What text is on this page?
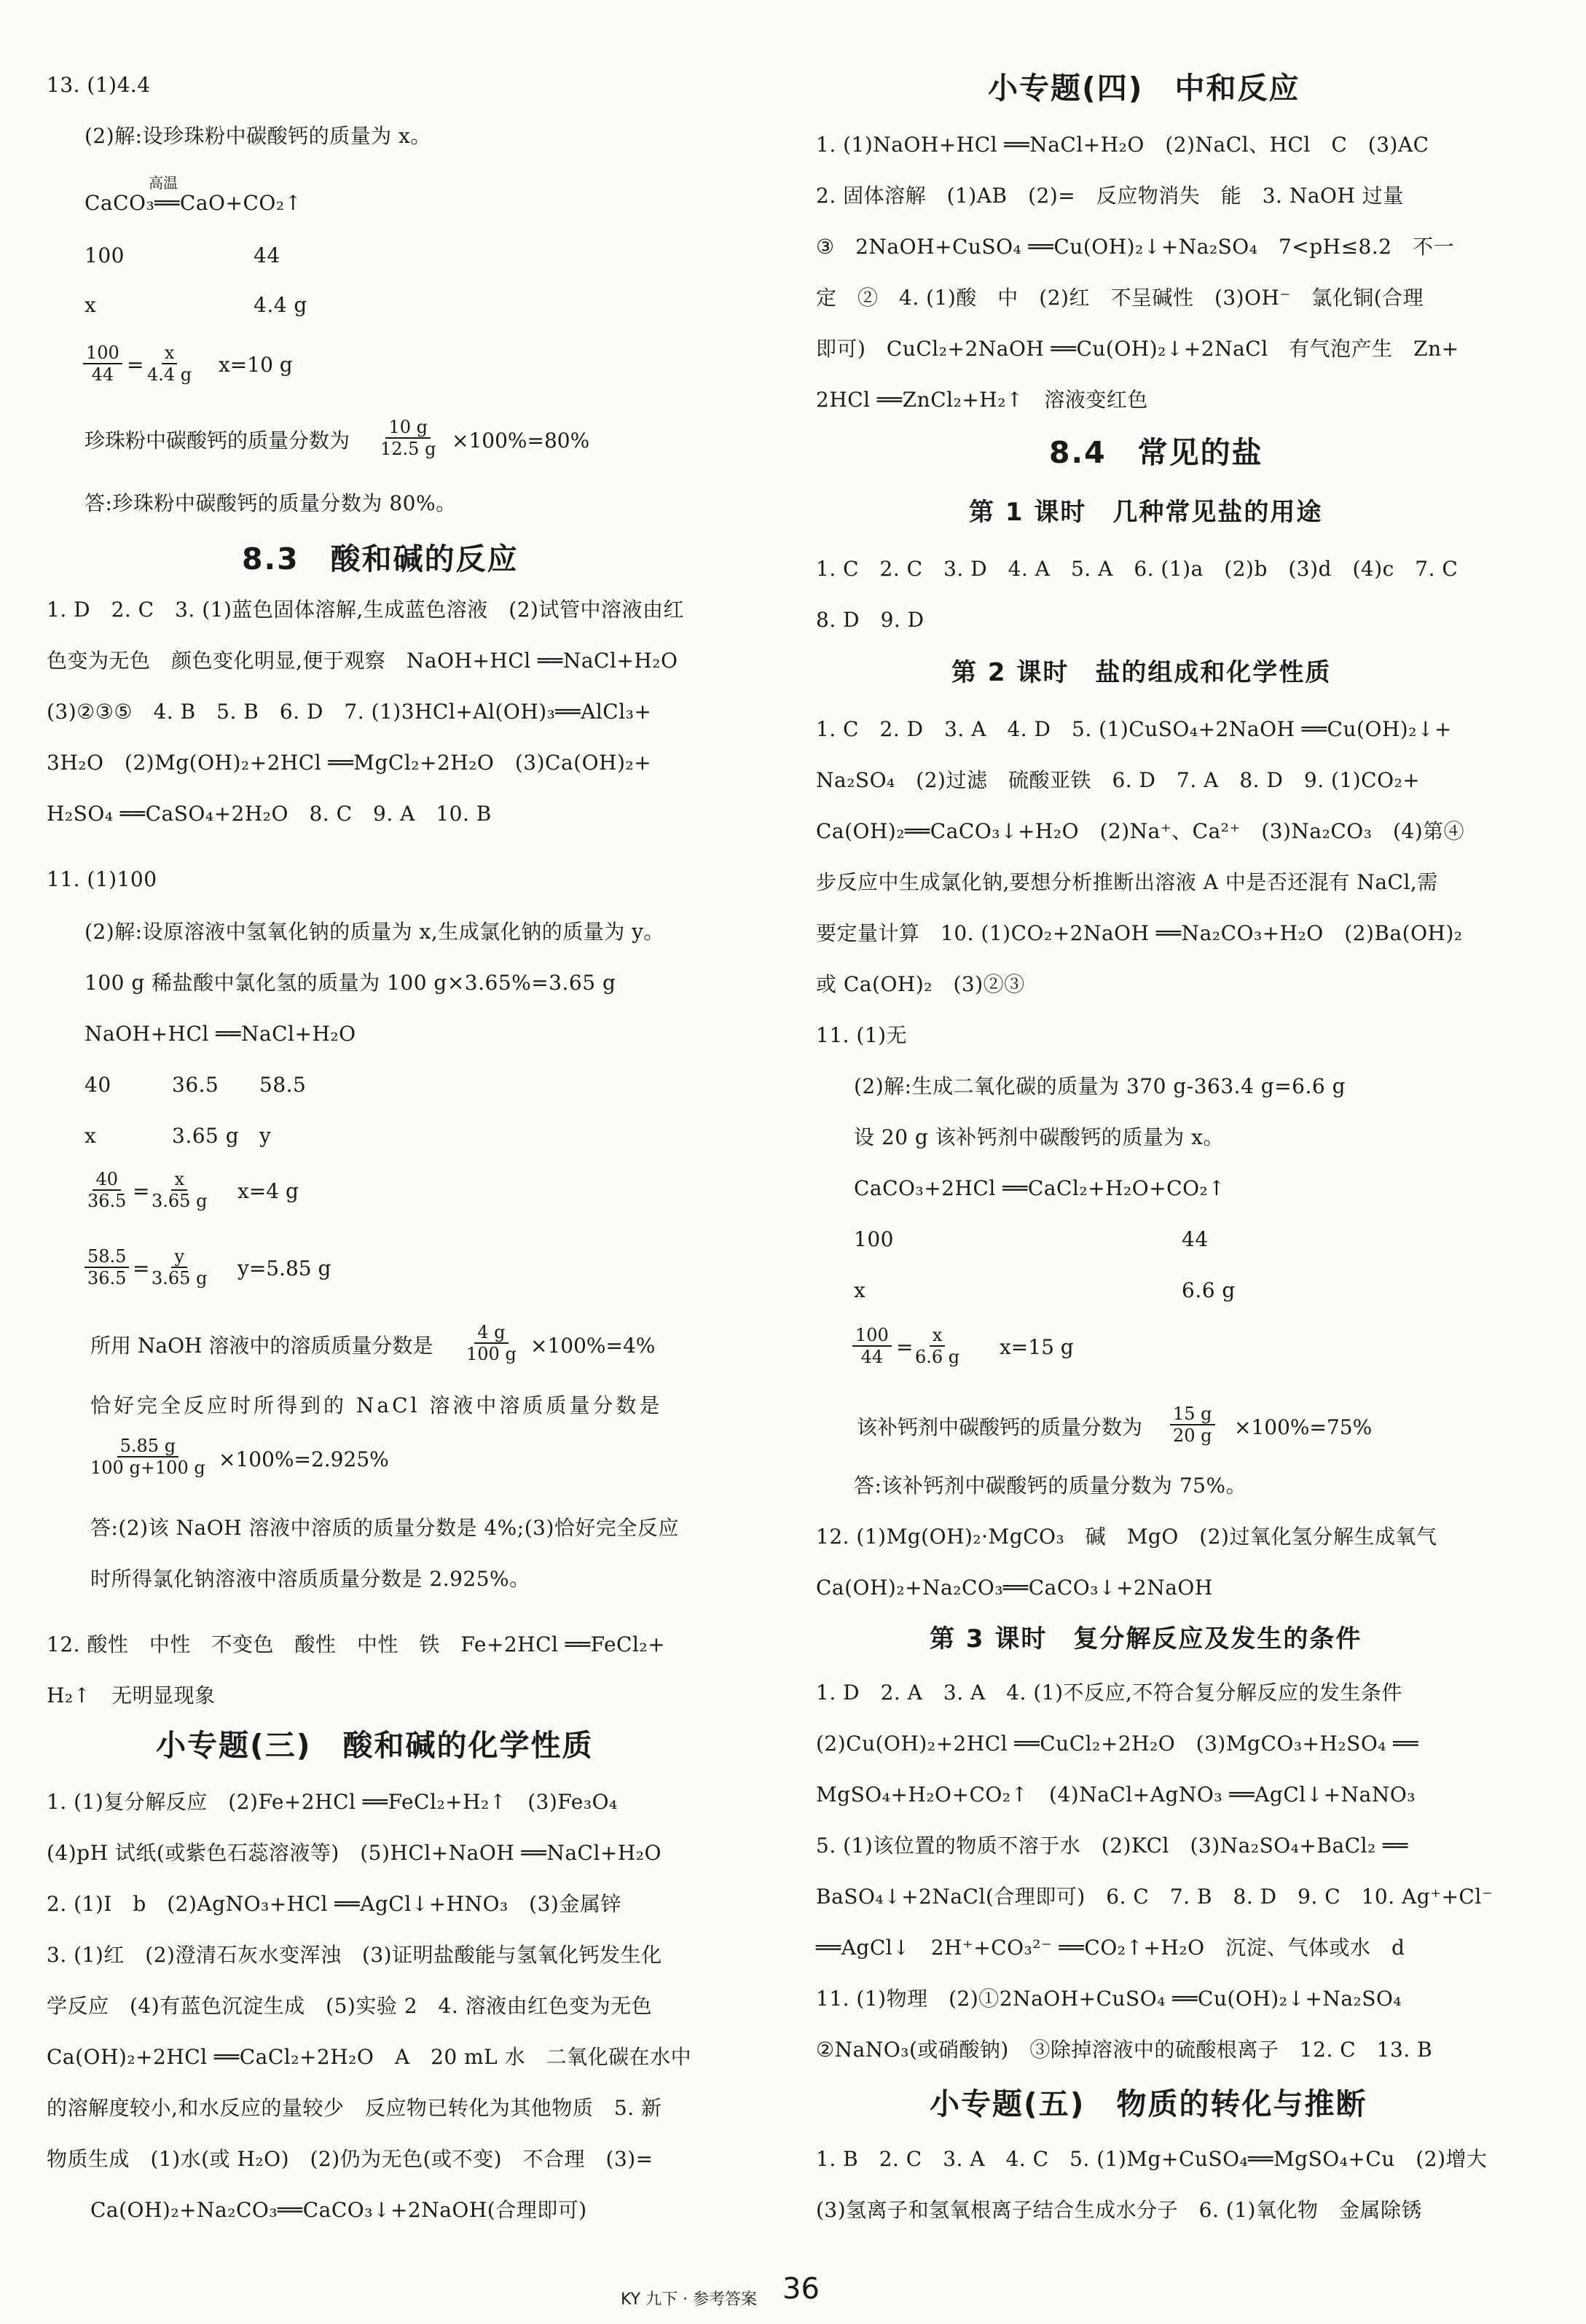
13. (1)4.4
(2)解:设珍珠粉中碳酸钙的质量为 x。
高温
CaCO₃══CaO+CO₂↑
100	44
x	4.4 g
$\frac{100}{44} = \frac{x}{4.4 g} x=10$ g
珍珠粉中碳酸钙的质量分数为 $\frac{10 g}{12.5 g} \times 100\%=80\%$
答:珍珠粉中碳酸钙的质量分数为 80%。
8.3　酸和碱的反应
1. D　2. C　3. (1)蓝色固体溶解,生成蓝色溶液　(2)试管中溶液由红
色变为无色　颜色变化明显,便于观察　NaOH+HCl ══NaCl+H₂O
(3)②③⑤　4. B　5. B　6. D　7. (1)3HCl+Al(OH)₃══AlCl₃+
3H₂O　(2)Mg(OH)₂+2HCl ══MgCl₂+2H₂O　(3)Ca(OH)₂+
H₂SO₄ ══CaSO₄+2H₂O　8. C　9. A　10. B
11. (1)100
(2)解:设原溶液中氢氧化钠的质量为 x,生成氯化钠的质量为 y。
100 g 稀盐酸中氯化氢的质量为 100 g×3.65%=3.65 g
NaOH+HCl ══NaCl+H₂O
40	36.5 58.5
x	3.65 g y
$\frac{40}{36.5}$ =
$\frac{x}{3.65 g} x=4$ g
$\frac{58.5}{36.5}$ =
$\frac{y}{3.65 g} y=5.85$ g
所用 NaOH 溶液中的溶质质量分数是 $\frac{4 g}{100 g} \times 100\%=4\%$
恰好完全反应时所得到的 NaCl 溶液中溶质质量分数是
$\frac{5.85 g}{100 g+100 g} \times 100\%=2.925\%$
答:(2)该 NaOH 溶液中溶质的质量分数是 4%;(3)恰好完全反应
时所得氯化钠溶液中溶质质量分数是 2.925%。
12. 酸性　中性　不变色　酸性　中性　铁　Fe+2HCl ══FeCl₂+
H₂↑　无明显现象
小专题(三)　酸和碱的化学性质
1. (1)复分解反应　(2)Fe+2HCl ══FeCl₂+H₂↑　(3)Fe₃O₄
(4)pH 试纸(或紫色石蕊溶液等)　(5)HCl+NaOH ══NaCl+H₂O
2. (1)Ⅰ　b　(2)AgNO₃+HCl ══AgCl↓+HNO₃　(3)金属锌
3. (1)红　(2)澄清石灰水变浑浊　(3)证明盐酸能与氢氧化钙发生化
学反应　(4)有蓝色沉淀生成　(5)实验 2　4. 溶液由红色变为无色
Ca(OH)₂+2HCl ══CaCl₂+2H₂O　A　20 mL 水　二氧化碳在水中
的溶解度较小,和水反应的量较少　反应物已转化为其他物质　5. 新
物质生成　(1)水(或 H₂O)　(2)仍为无色(或不变)　不合理　(3)=
Ca(OH)₂+Na₂CO₃══CaCO₃↓+2NaOH(合理即可)
小专题(四)　中和反应
1. (1)NaOH+HCl ══NaCl+H₂O　(2)NaCl、HCl　C　(3)AC
2. 固体溶解　(1)AB　(2)=　反应物消失　能　3. NaOH 过量
③　2NaOH+CuSO₄ ══Cu(OH)₂↓+Na₂SO₄　7<pH≤8.2　不一
定　②　4. (1)酸　中　(2)红　不呈碱性　(3)OH⁻　氯化铜(合理
即可)　CuCl₂+2NaOH ══Cu(OH)₂↓+2NaCl　有气泡产生　Zn+
2HCl ══ZnCl₂+H₂↑　溶液变红色
8.4　常见的盐
第 1 课时　几种常见盐的用途
1. C　2. C　3. D　4. A　5. A　6. (1)a　(2)b　(3)d　(4)c　7. C
8. D　9. D
第 2 课时　盐的组成和化学性质
1. C　2. D　3. A　4. D　5. (1)CuSO₄+2NaOH ══Cu(OH)₂↓+
Na₂SO₄　(2)过滤　硫酸亚铁　6. D　7. A　8. D　9. (1)CO₂+
Ca(OH)₂══CaCO₃↓+H₂O　(2)Na⁺、Ca²⁺　(3)Na₂CO₃　(4)第④
步反应中生成氯化钠,要想分析推断出溶液 A 中是否还混有 NaCl,需
要定量计算　10. (1)CO₂+2NaOH ══Na₂CO₃+H₂O　(2)Ba(OH)₂
或 Ca(OH)₂　(3)②③
11. (1)无
(2)解:生成二氧化碳的质量为 370 g-363.4 g=6.6 g
设 20 g 该补钙剂中碳酸钙的质量为 x。
CaCO₃+2HCl ══CaCl₂+H₂O+CO₂↑
100	44
x	6.6 g
$\frac{100}{44}$ =
$\frac{x}{6.6 g} x=15$ g
该补钙剂中碳酸钙的质量分数为 $\frac{15 g}{20 g} \times 100\%=75\%$
答:该补钙剂中碳酸钙的质量分数为 75%。
12. (1)Mg(OH)₂·MgCO₃　碱　MgO　(2)过氧化氢分解生成氧气
Ca(OH)₂+Na₂CO₃══CaCO₃↓+2NaOH
第 3 课时　复分解反应及发生的条件
1. D　2. A　3. A　4. (1)不反应,不符合复分解反应的发生条件
(2)Cu(OH)₂+2HCl ══CuCl₂+2H₂O　(3)MgCO₃+H₂SO₄ ══
MgSO₄+H₂O+CO₂↑　(4)NaCl+AgNO₃ ══AgCl↓+NaNO₃
5. (1)该位置的物质不溶于水　(2)KCl　(3)Na₂SO₄+BaCl₂ ══
BaSO₄↓+2NaCl(合理即可)　6. C　7. B　8. D　9. C　10. Ag⁺+Cl⁻
══AgCl↓　2H⁺+CO₃²⁻ ══CO₂↑+H₂O　沉淀、气体或水　d
11. (1)物理　(2)①2NaOH+CuSO₄ ══Cu(OH)₂↓+Na₂SO₄
②NaNO₃(或硝酸钠)　③除掉溶液中的硫酸根离子　12. C　13. B
小专题(五)　物质的转化与推断
1. B　2. C　3. A　4. C　5. (1)Mg+CuSO₄══MgSO₄+Cu　(2)增大
(3)氢离子和氢氧根离子结合生成水分子　6. (1)氧化物　金属除锈
KY 九下 · 参考答案 36
